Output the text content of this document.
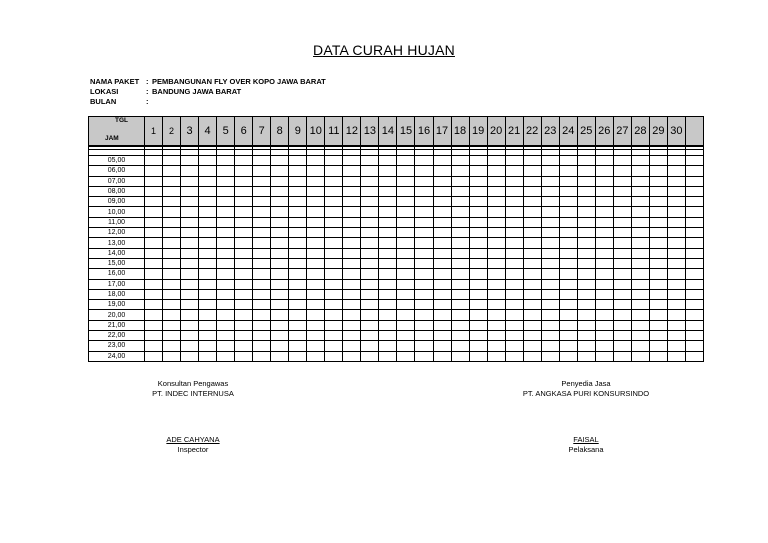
DATA CURAH HUJAN
NAMA PAKET : PEMBANGUNAN FLY OVER KOPO JAWA BARAT
LOKASI	: BANDUNG JAWA BARAT
BULAN	:
TGL
JAM	1	2	3	4	5	6	7	8	9	10	11	12	13	14	15	16	17	18	19	20	21	22	23	24	25	26	27	28	29	30	

05,00																															
06,00																															
07,00																															
08,00																															
09,00																															
10,00																															
11,00																															
12,00																															
13,00																															
14,00																															
15,00																															
16,00																															
17,00																															
18,00																															
19,00																															
20,00																															
21,00																															
22,00																															
23,00																															
24,00																															
Konsultan Pengawas
PT. INDEC INTERNUSA
ADE CAHYANA
Inspector
Penyedia Jasa
PT. ANGKASA PURI KONSURSINDO
FAISAL
Pelaksana
